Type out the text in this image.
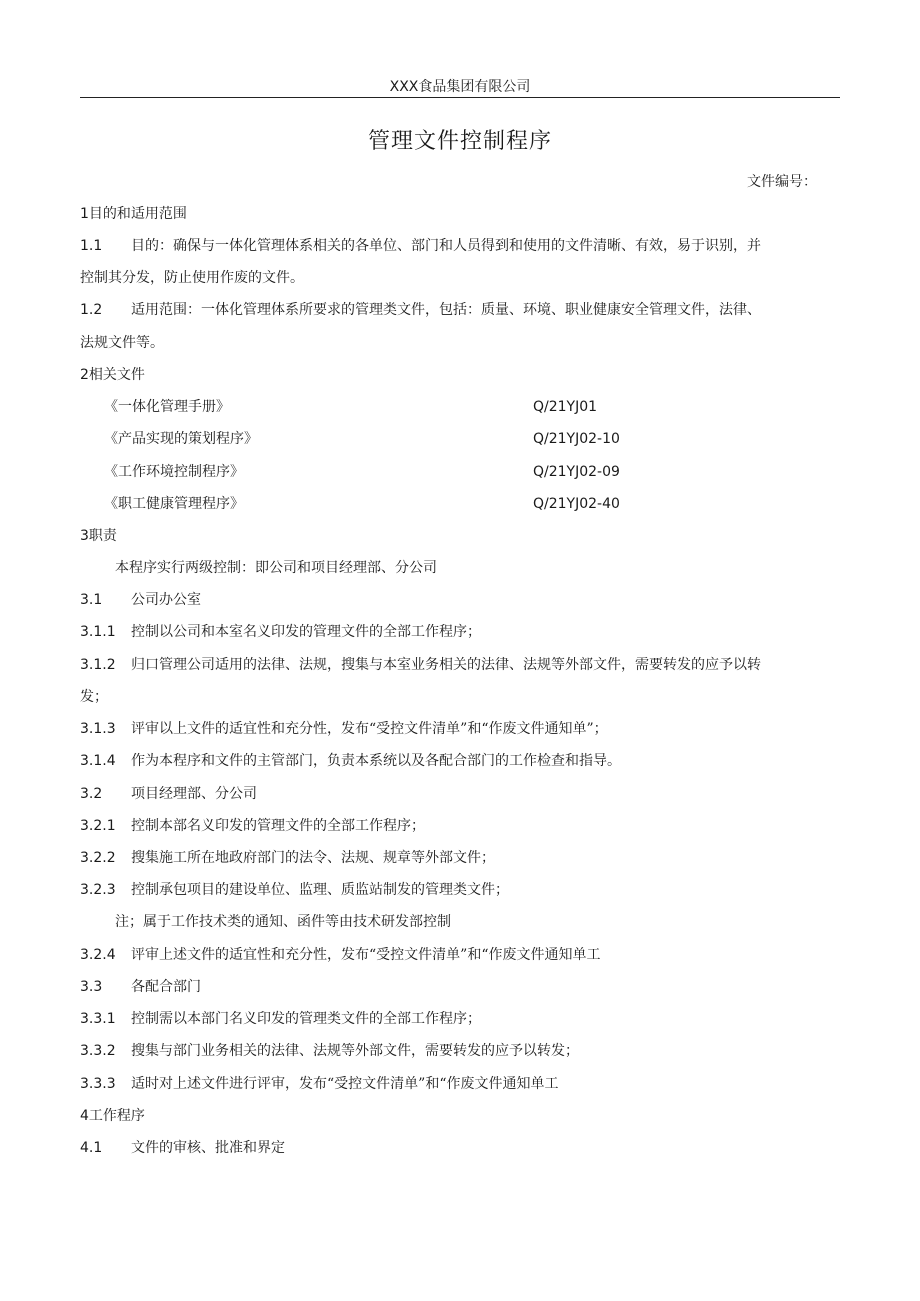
XXX食品集团有限公司
管理文件控制程序
文件编号：
1目的和适用范围
1.1 目的：确保与一体化管理体系相关的各单位、部门和人员得到和使用的文件清晰、有效，易于识别，并
控制其分发，防止使用作废的文件。
1.2 适用范围：一体化管理体系所要求的管理类文件，包括：质量、环境、职业健康安全管理文件，法律、
法规文件等。
2相关文件
《一体化管理手册》	Q/21YJ01
《产品实现的策划程序》	Q/21YJ02-10
《工作环境控制程序》	Q/21YJ02-09
《职工健康管理程序》	Q/21YJ02-40
3职责
本程序实行两级控制：即公司和项目经理部、分公司
3.1 公司办公室
3.1.1 控制以公司和本室名义印发的管理文件的全部工作程序；
3.1.2 归口管理公司适用的法律、法规，搜集与本室业务相关的法律、法规等外部文件，需要转发的应予以转
发；
3.1.3 评审以上文件的适宜性和充分性，发布“受控文件清单”和“作废文件通知单”；
3.1.4 作为本程序和文件的主管部门，负责本系统以及各配合部门的工作检查和指导。
3.2 项目经理部、分公司
3.2.1 控制本部名义印发的管理文件的全部工作程序；
3.2.2 搜集施工所在地政府部门的法令、法规、规章等外部文件；
3.2.3 控制承包项目的建设单位、监理、质监站制发的管理类文件；
注；属于工作技术类的通知、函件等由技术研发部控制
3.2.4 评审上述文件的适宜性和充分性，发布“受控文件清单”和“作废文件通知单工
3.3 各配合部门
3.3.1 控制需以本部门名义印发的管理类文件的全部工作程序；
3.3.2 搜集与部门业务相关的法律、法规等外部文件，需要转发的应予以转发；
3.3.3 适时对上述文件进行评审，发布“受控文件清单”和“作废文件通知单工
4工作程序
4.1 文件的审核、批准和界定
